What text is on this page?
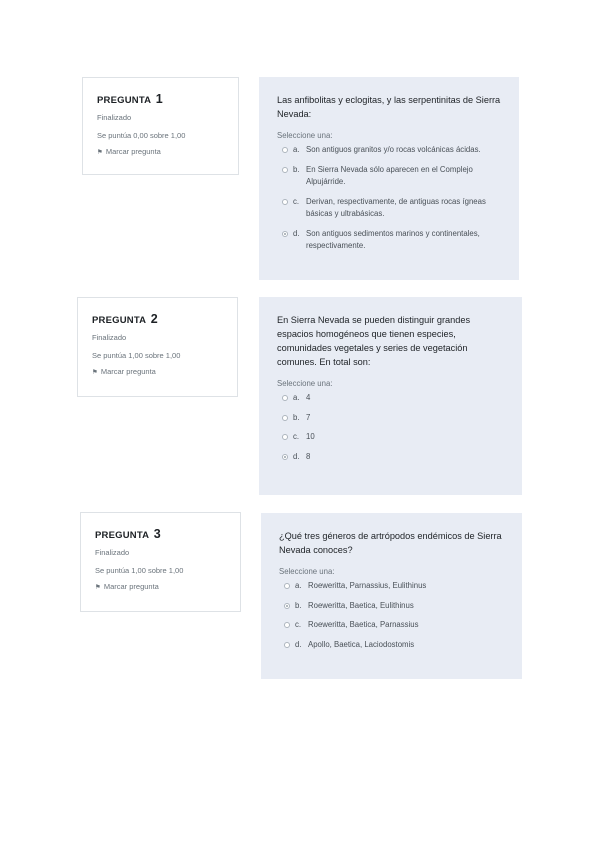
PREGUNTA 1

Finalizado

Se puntúa 0,00 sobre 1,00

⚑ Marcar pregunta

Las anfibolitas y eclogitas, y las serpentinitas de Sierra Nevada:

Seleccione una:

a. Son antiguos granitos y/o rocas volcánicas ácidas.
b. En Sierra Nevada sólo aparecen en el Complejo Alpujárride.
c. Derivan, respectivamente, de antiguas rocas ígneas básicas y ultrabásicas.
d. Son antiguos sedimentos marinos y continentales, respectivamente.
PREGUNTA 2

Finalizado

Se puntúa 1,00 sobre 1,00

⚑ Marcar pregunta

En Sierra Nevada se pueden distinguir grandes espacios homogéneos que tienen especies, comunidades vegetales y series de vegetación comunes. En total son:

Seleccione una:

a. 4
b. 7
c. 10
d. 8
PREGUNTA 3

Finalizado

Se puntúa 1,00 sobre 1,00

⚑ Marcar pregunta

¿Qué tres géneros de artrópodos endémicos de Sierra Nevada conoces?

Seleccione una:

a. Roeweritta, Parnassius, Eulithinus
b. Roeweritta, Baetica, Eulithinus
c. Roeweritta, Baetica, Parnassius
d. Apollo, Baetica, Laciodostomis
